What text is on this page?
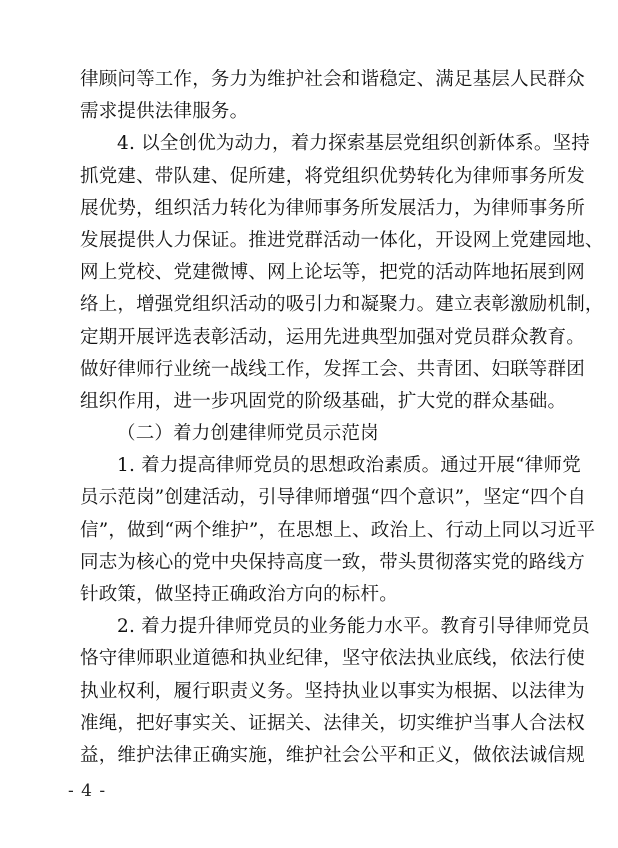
律顾问等工作，务力为维护社会和谐稳定、满足基层人民群众
需求提供法律服务。
4. 以全创优为动力，着力探索基层党组织创新体系。坚持
抓党建、带队建、促所建，将党组织优势转化为律师事务所发
展优势，组织活力转化为律师事务所发展活力，为律师事务所
发展提供人力保证。推进党群活动一体化，开设网上党建园地、
网上党校、党建微博、网上论坛等，把党的活动阵地拓展到网
络上，增强党组织活动的吸引力和凝聚力。建立表彰激励机制，
定期开展评选表彰活动，运用先进典型加强对党员群众教育。
做好律师行业统一战线工作，发挥工会、共青团、妇联等群团
组织作用，进一步巩固党的阶级基础，扩大党的群众基础。
（二）着力创建律师党员示范岗
1. 着力提高律师党员的思想政治素质。通过开展“律师党
员示范岗”创建活动，引导律师增强“四个意识”，坚定“四个自
信”，做到“两个维护”，在思想上、政治上、行动上同以习近平
同志为核心的党中央保持高度一致，带头贯彻落实党的路线方
针政策，做坚持正确政治方向的标杆。
2. 着力提升律师党员的业务能力水平。教育引导律师党员
恪守律师职业道德和执业纪律，坚守依法执业底线，依法行使
执业权利，履行职责义务。坚持执业以事实为根据、以法律为
准绳，把好事实关、证据关、法律关，切实维护当事人合法权
益，维护法律正确实施，维护社会公平和正义，做依法诚信规
- 4 -
